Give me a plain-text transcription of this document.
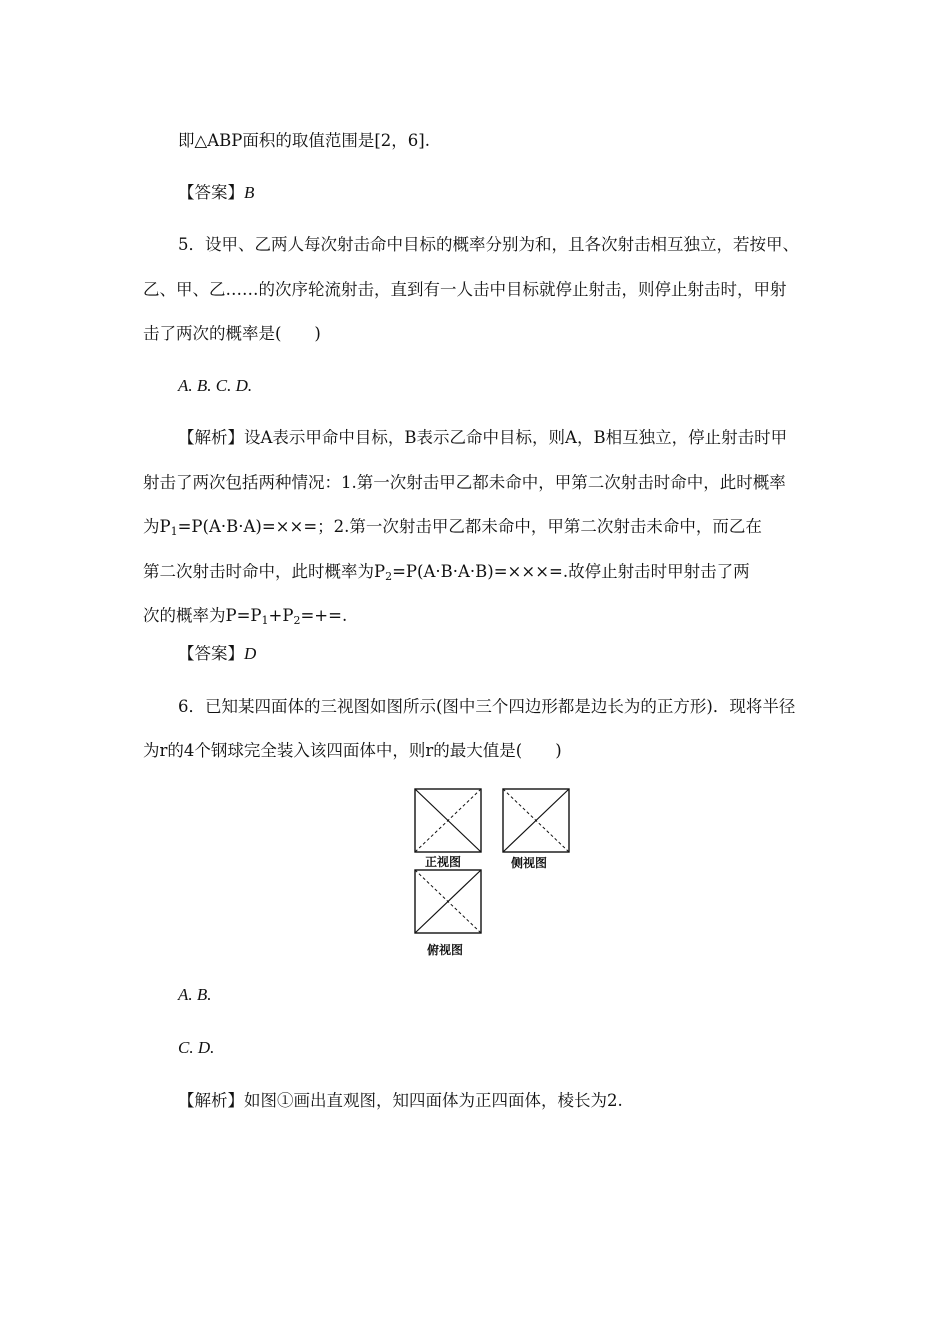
即△ABP面积的取值范围是[2，6].
【答案】B
5．设甲、乙两人每次射击命中目标的概率分别为和，且各次射击相互独立，若按甲、
乙、甲、乙……的次序轮流射击，直到有一人击中目标就停止射击，则停止射击时，甲射
击了两次的概率是(　　)
A. B. C. D.
【解析】设A表示甲命中目标，B表示乙命中目标，则A，B相互独立，停止射击时甲
射击了两次包括两种情况：1.第一次射击甲乙都未命中，甲第二次射击时命中，此时概率
为$P_1=P(A\cdot B\cdot A)=\times\times=$；2.第一次射击甲乙都未命中，甲第二次射击未命中，而乙在
第二次射击时命中，此时概率为$P_2=P(A\cdot B\cdot A\cdot B)=\times\times\times=$.故停止射击时甲射击了两
次的概率为$P=P_1+P_2=+=$.
【答案】D
6．已知某四面体的三视图如图所示(图中三个四边形都是边长为的正方形)．现将半径
为r的4个钢球完全装入该四面体中，则r的最大值是(　　)
正视图	侧视图
俯视图
A. B.
C. D.
【解析】如图①画出直观图，知四面体为正四面体，棱长为2.
